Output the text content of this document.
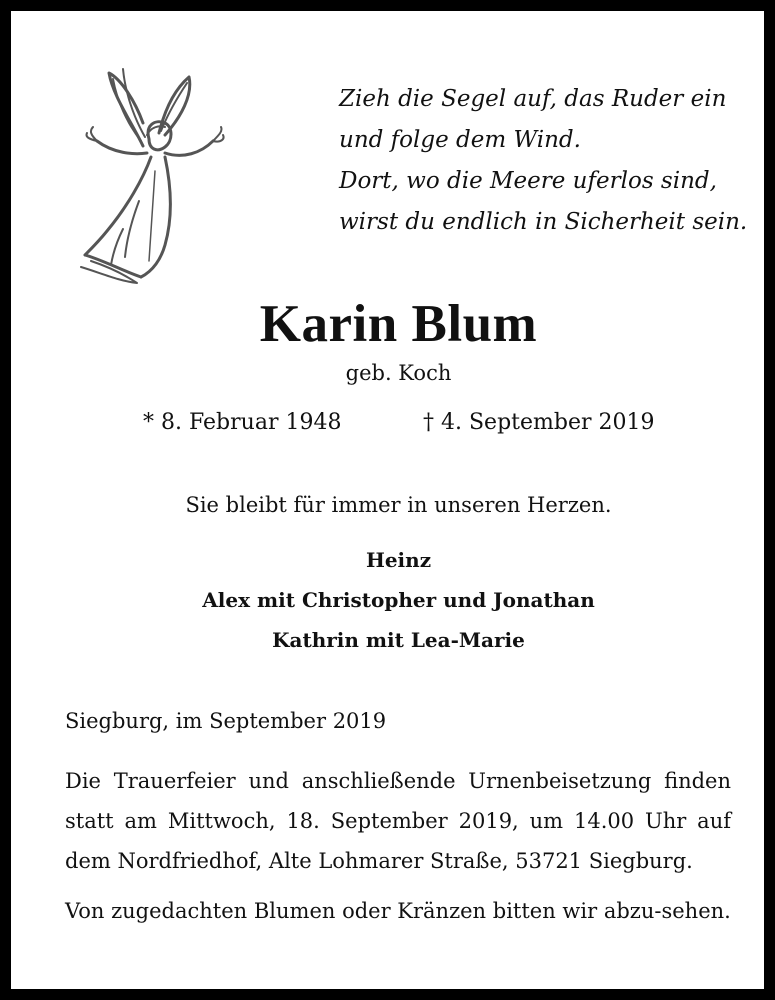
Zieh die Segel auf, das Ruder ein
und folge dem Wind.
Dort, wo die Meere uferlos sind,
wirst du endlich in Sicherheit sein.
Karin Blum
geb. Koch
* 8. Februar 1948	† 4. September 2019
Sie bleibt für immer in unseren Herzen.
Heinz
Alex mit Christopher und Jonathan
Kathrin mit Lea-Marie
Siegburg, im September 2019
Die Trauerfeier und anschließende Urnenbeisetzung finden statt am Mittwoch, 18. September 2019, um 14.00 Uhr auf dem Nordfriedhof, Alte Lohmarer Straße, 53721 Siegburg.
Von zugedachten Blumen oder Kränzen bitten wir abzu-sehen.
